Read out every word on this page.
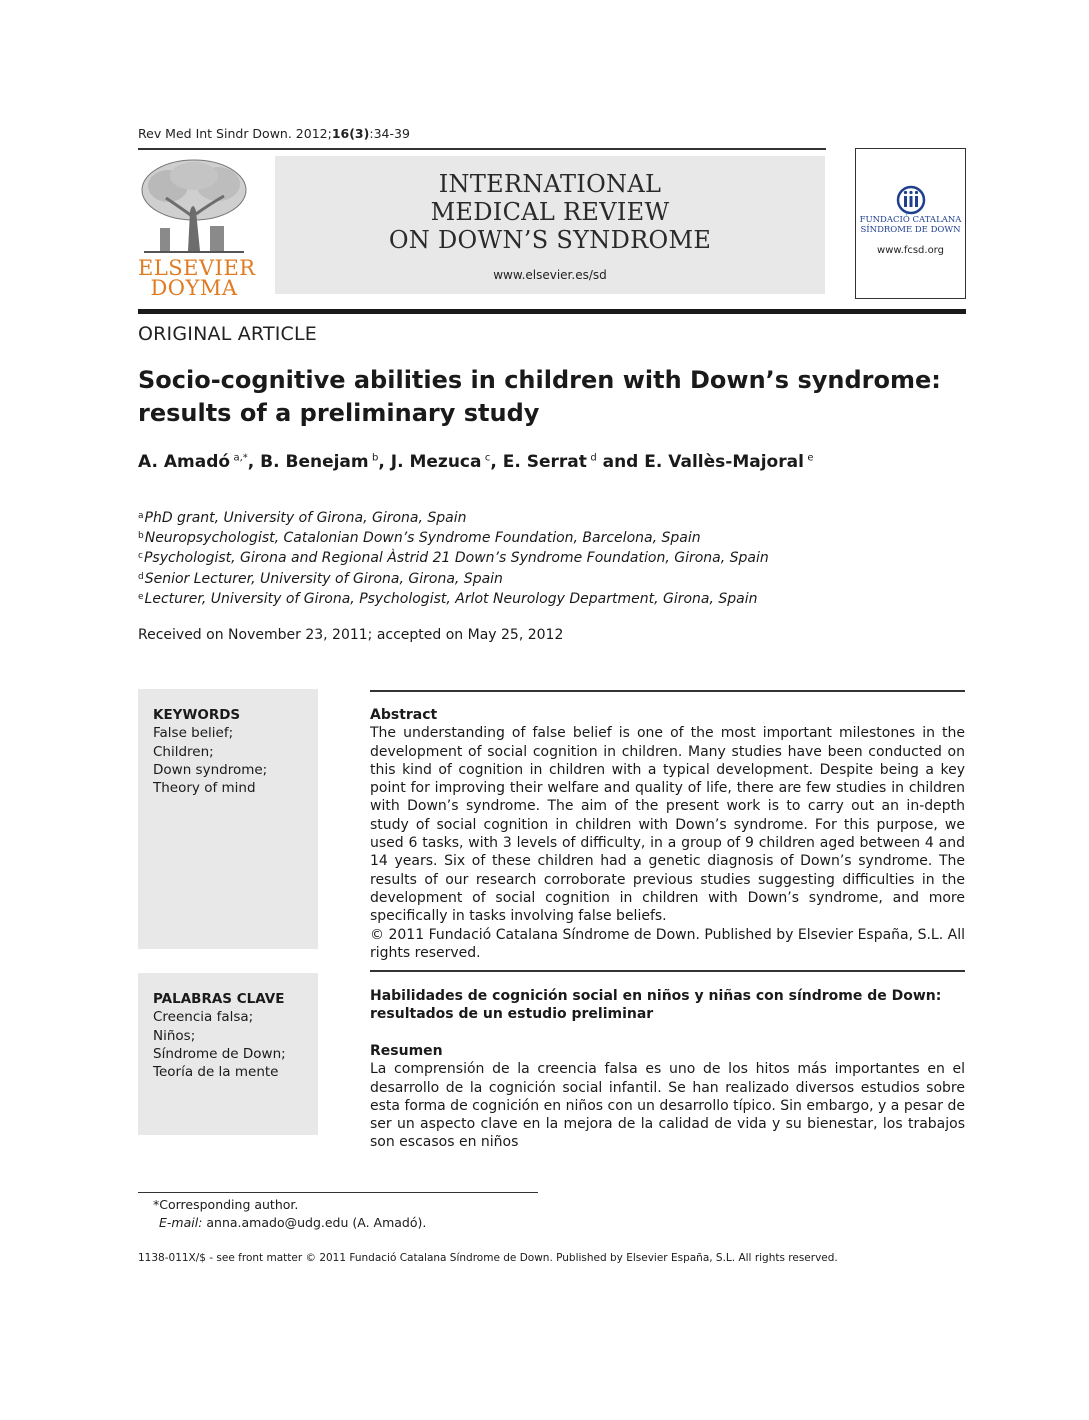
Rev Med Int Sindr Down. 2012;16(3):34-39
ELSEVIER
DOYMA
INTERNATIONAL
MEDICAL REVIEW
ON DOWN’S SYNDROME
www.elsevier.es/sd
FUNDACIÓ CATALANA
SÍNDROME DE DOWN
www.fcsd.org
ORIGINAL ARTICLE
Socio-cognitive abilities in children with Down’s syndrome:
results of a preliminary study
A. Amadó  $^{a,*}$, B. Benejam  $^b$, J. Mezuca  $^c$, E. Serrat  $^d$ and E. Vallès-Majoral  $^e$
$^a$PhD grant, University of Girona, Girona, Spain
$^b$Neuropsychologist, Catalonian Down’s Syndrome Foundation, Barcelona, Spain
$^c$Psychologist, Girona and Regional Àstrid 21 Down’s Syndrome Foundation, Girona, Spain
$^d$Senior Lecturer, University of Girona, Girona, Spain
$^e$Lecturer, University of Girona, Psychologist, Arlot Neurology Department, Girona, Spain
Received on November 23, 2011; accepted on May 25, 2012
KEYWORDS
False belief;
Children;
Down syndrome;
Theory of mind
Abstract
The understanding of false belief is one of the most important milestones in the development of social cognition in children. Many studies have been conducted on this kind of cognition in children with a typical development. Despite being a key point for improving their welfare and quality of life, there are few studies in children with Down’s syndrome. The aim of the present work is to carry out an in-depth study of social cognition in children with Down’s syndrome. For this purpose, we used 6 tasks, with 3 levels of difficulty, in a group of 9 children aged between 4 and 14 years. Six of these children had a genetic diagnosis of Down’s syndrome. The results of our research corroborate previous studies suggesting difficulties in the development of social cognition in children with Down’s syndrome, and more specifically in tasks involving false beliefs.
© 2011 Fundació Catalana Síndrome de Down. Published by Elsevier España, S.L. All rights reserved.
PALABRAS CLAVE
Creencia falsa;
Niños;
Síndrome de Down;
Teoría de la mente
Habilidades de cognición social en niños y niñas con síndrome de Down: resultados de un estudio preliminar
Resumen
La comprensión de la creencia falsa es uno de los hitos más importantes en el desarrollo de la cognición social infantil. Se han realizado diversos estudios sobre esta forma de cognición en niños con un desarrollo típico. Sin embargo, y a pesar de ser un aspecto clave en la mejora de la calidad de vida y su bienestar, los trabajos son escasos en niños
*Corresponding author.
E-mail: anna.amado@udg.edu (A. Amadó).
1138-011X/$ - see front matter © 2011 Fundació Catalana Síndrome de Down. Published by Elsevier España, S.L. All rights reserved.
